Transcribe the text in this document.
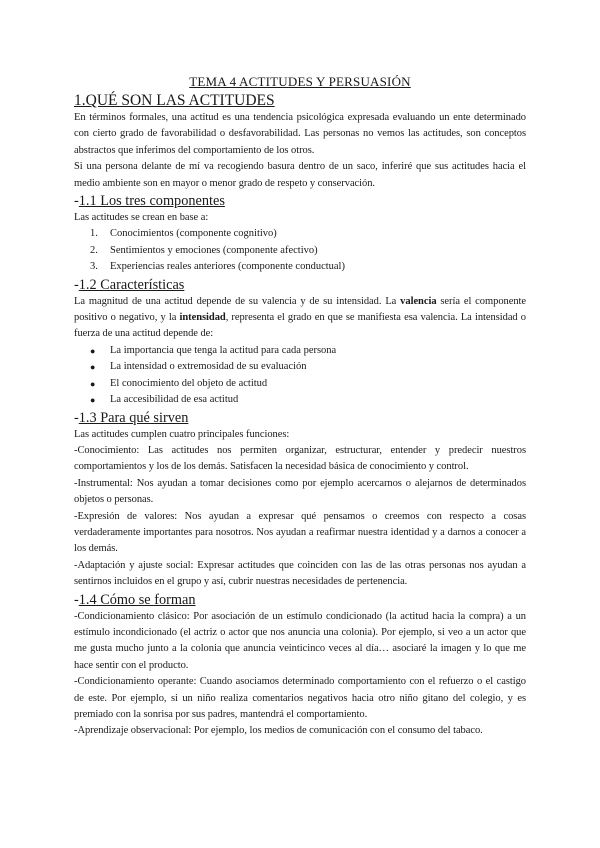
TEMA 4 ACTITUDES Y PERSUASIÓN
1.QUÉ SON LAS ACTITUDES

En términos formales, una actitud es una tendencia psicológica expresada evaluando un ente determinado con cierto grado de favorabilidad o desfavorabilidad. Las personas no vemos las actitudes, son conceptos abstractos que inferimos del comportamiento de los otros.

Si una persona delante de mí va recogiendo basura dentro de un saco, inferiré que sus actitudes hacia el medio ambiente son en mayor o menor grado de respeto y conservación.

-1.1 Los tres componentes

Las actitudes se crean en base a:

1. Conocimientos (componente cognitivo)
2. Sentimientos y emociones (componente afectivo)
3. Experiencias reales anteriores (componente conductual)
-1.2 Características

La magnitud de una actitud depende de su valencia y de su intensidad. La valencia sería el componente positivo o negativo, y la intensidad, representa el grado en que se manifiesta esa valencia. La intensidad o fuerza de una actitud depende de:

● La importancia que tenga la actitud para cada persona
● La intensidad o extremosidad de su evaluación
● El conocimiento del objeto de actitud
● La accesibilidad de esa actitud
-1.3 Para qué sirven

Las actitudes cumplen cuatro principales funciones:

-Conocimiento: Las actitudes nos permiten organizar, estructurar, entender y predecir nuestros comportamientos y los de los demás. Satisfacen la necesidad básica de conocimiento y control.

-Instrumental: Nos ayudan a tomar decisiones como por ejemplo acercarnos o alejarnos de determinados objetos o personas.

-Expresión de valores: Nos ayudan a expresar qué pensamos o creemos con respecto a cosas verdaderamente importantes para nosotros. Nos ayudan a reafirmar nuestra identidad y a darnos a conocer a los demás.

-Adaptación y ajuste social: Expresar actitudes que coinciden con las de las otras personas nos ayudan a sentirnos incluidos en el grupo y así, cubrir nuestras necesidades de pertenencia.

-1.4 Cómo se forman

-Condicionamiento clásico: Por asociación de un estímulo condicionado (la actitud hacia la compra) a un estímulo incondicionado (el actriz o actor que nos anuncia una colonia). Por ejemplo, si veo a un actor que me gusta mucho junto a la colonia que anuncia veinticinco veces al día… asociaré la imagen y lo que me hace sentir con el producto.

-Condicionamiento operante: Cuando asociamos determinado comportamiento con el refuerzo o el castigo de este. Por ejemplo, si un niño realiza comentarios negativos hacia otro niño gitano del colegio, y es premiado con la sonrisa por sus padres, mantendrá el comportamiento.

-Aprendizaje observacional: Por ejemplo, los medios de comunicación con el consumo del tabaco.
